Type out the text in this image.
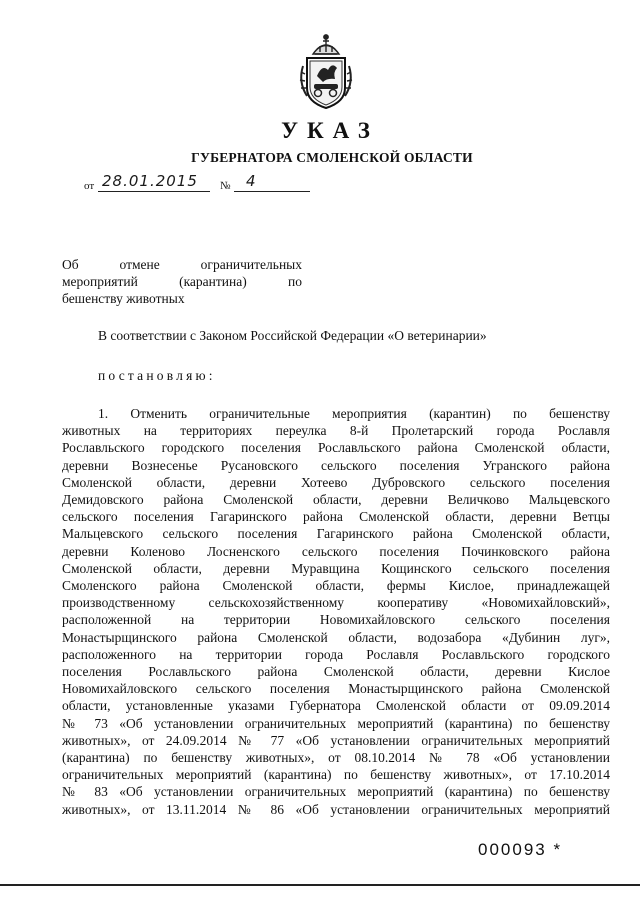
УКАЗ
ГУБЕРНАТОРА СМОЛЕНСКОЙ ОБЛАСТИ
от 28.01.2015 № 4
Об отмене ограничительных
мероприятий (карантина) по
бешенству животных
В соответствии с Законом Российской Федерации «О ветеринарии»
постановляю:
1. Отменить ограничительные мероприятия (карантин) по бешенству
животных на территориях переулка 8-й Пролетарский города Рославля
Рославльского городского поселения Рославльского района Смоленской области,
деревни Вознесенье Русановского сельского поселения Угранского района
Смоленской области, деревни Хотеево Дубровского сельского поселения
Демидовского района Смоленской области, деревни Величково Мальцевского
сельского поселения Гагаринского района Смоленской области, деревни Ветцы
Мальцевского сельского поселения Гагаринского района Смоленской области,
деревни Коленово Лосненского сельского поселения Починковского района
Смоленской области, деревни Муравщина Кощинского сельского поселения
Смоленского района Смоленской области, фермы Кислое, принадлежащей
производственному сельскохозяйственному кооперативу «Новомихайловский»,
расположенной на территории Новомихайловского сельского поселения
Монастырщинского района Смоленской области, водозабора «Дубинин луг»,
расположенного на территории города Рославля Рославльского городского
поселения Рославльского района Смоленской области, деревни Кислое
Новомихайловского сельского поселения Монастырщинского района Смоленской
области, установленные указами Губернатора Смоленской области от 09.09.2014
№ 73 «Об установлении ограничительных мероприятий (карантина) по бешенству
животных», от 24.09.2014 № 77 «Об установлении ограничительных мероприятий
(карантина) по бешенству животных», от 08.10.2014 № 78 «Об установлении
ограничительных мероприятий (карантина) по бешенству животных», от 17.10.2014
№ 83 «Об установлении ограничительных мероприятий (карантина) по бешенству
животных», от 13.11.2014 № 86 «Об установлении ограничительных мероприятий
000093 *
